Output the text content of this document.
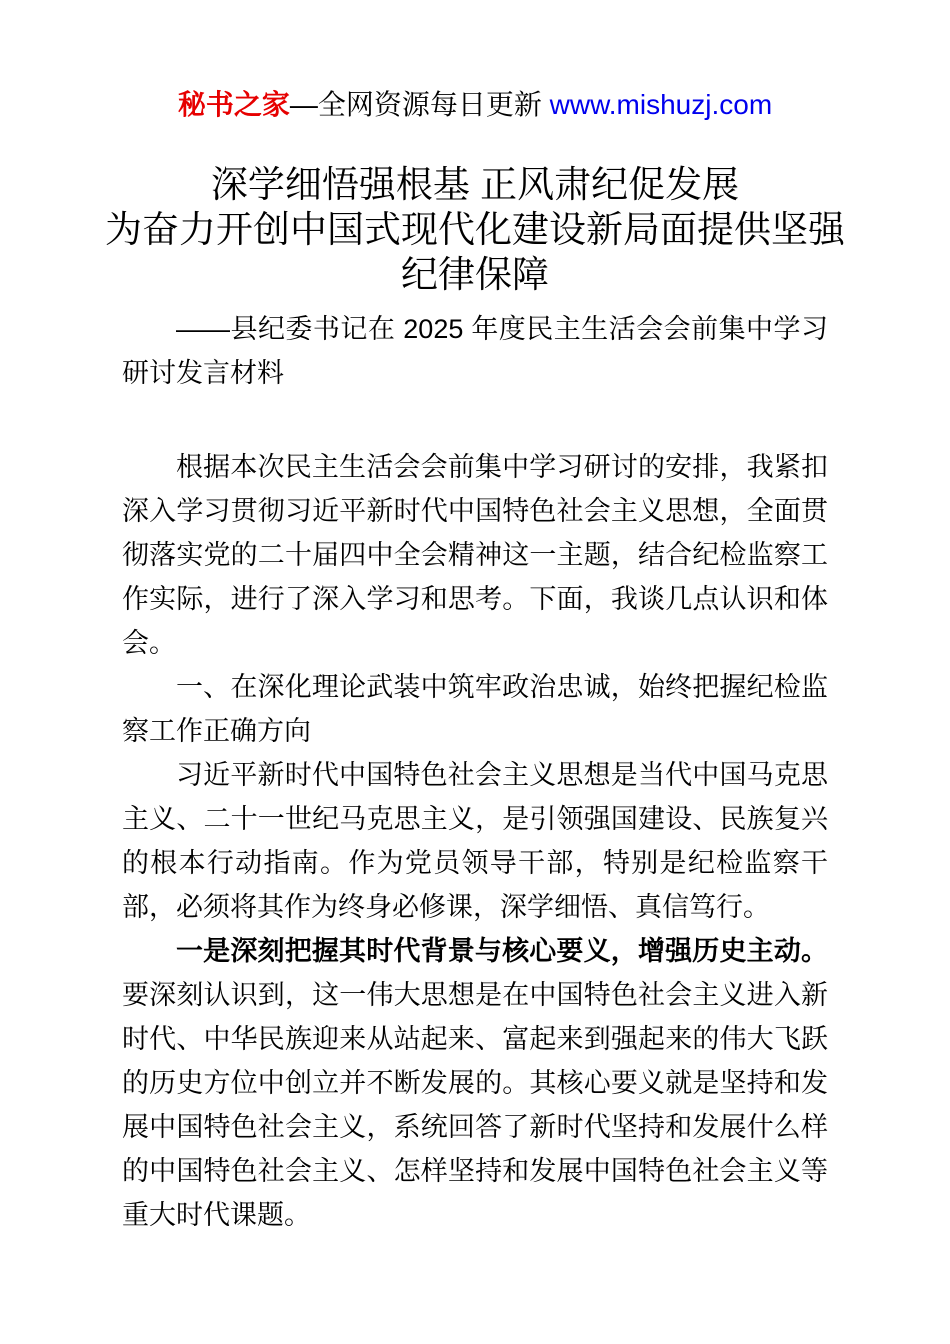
秘书之家—全网资源每日更新 www.mishuzj.com
深学细悟强根基 正风肃纪促发展
为奋力开创中国式现代化建设新局面提供坚强
纪律保障

——县纪委书记在 2025 年度民主生活会会前集中学习研讨发言材料

根据本次民主生活会会前集中学习研讨的安排，我紧扣深入学习贯彻习近平新时代中国特色社会主义思想，全面贯彻落实党的二十届四中全会精神这一主题，结合纪检监察工作实际，进行了深入学习和思考。下面，我谈几点认识和体会。

一、在深化理论武装中筑牢政治忠诚，始终把握纪检监察工作正确方向

习近平新时代中国特色社会主义思想是当代中国马克思主义、二十一世纪马克思主义，是引领强国建设、民族复兴的根本行动指南。作为党员领导干部，特别是纪检监察干部，必须将其作为终身必修课，深学细悟、真信笃行。

一是深刻把握其时代背景与核心要义，增强历史主动。要深刻认识到，这一伟大思想是在中国特色社会主义进入新时代、中华民族迎来从站起来、富起来到强起来的伟大飞跃的历史方位中创立并不断发展的。其核心要义就是坚持和发展中国特色社会主义，系统回答了新时代坚持和发展什么样的中国特色社会主义、怎样坚持和发展中国特色社会主义等重大时代课题。
